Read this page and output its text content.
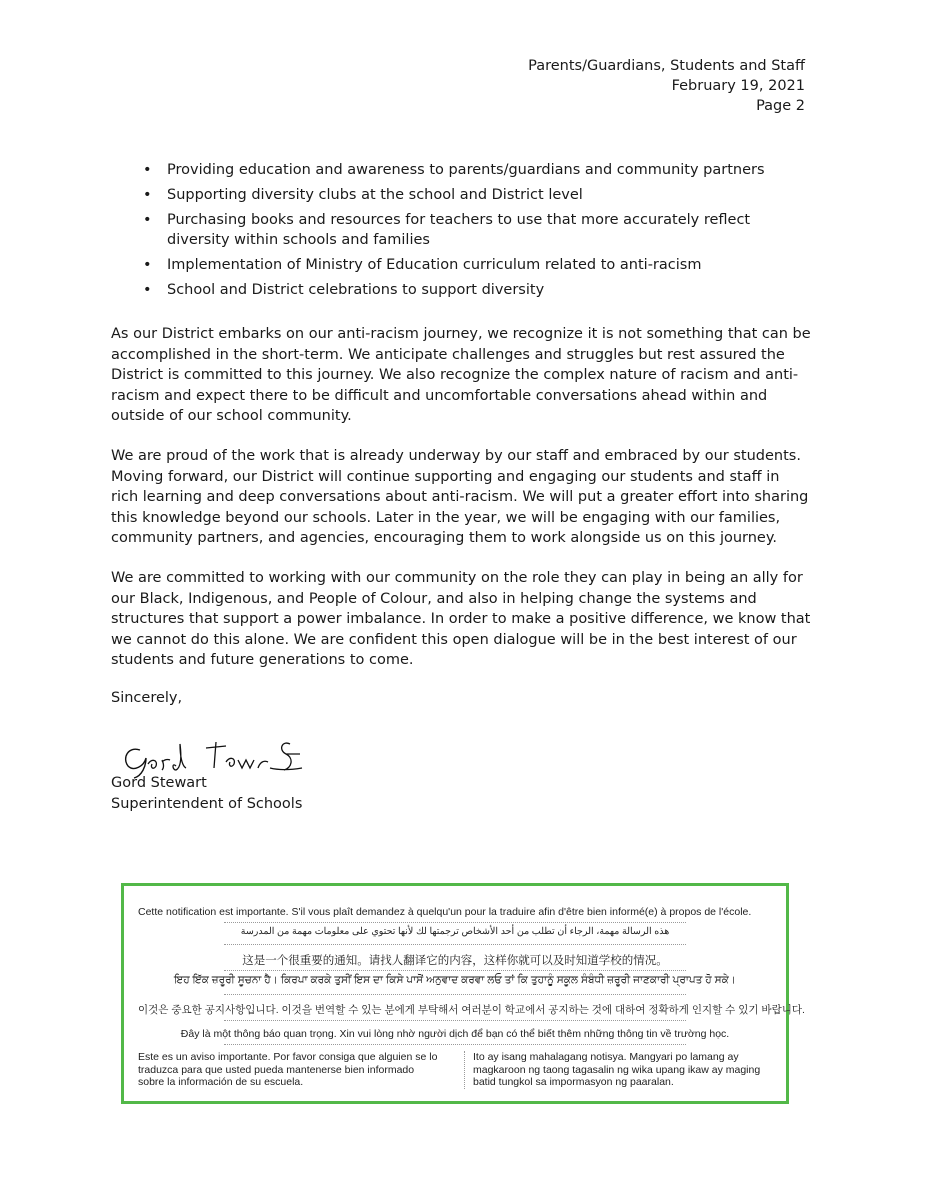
Parents/Guardians, Students and Staff
February 19, 2021
Page 2
• Providing education and awareness to parents/guardians and community partners
• Supporting diversity clubs at the school and District level
• Purchasing books and resources for teachers to use that more accurately reflect diversity within schools and families
• Implementation of Ministry of Education curriculum related to anti-racism
• School and District celebrations to support diversity

As our District embarks on our anti-racism journey, we recognize it is not something that can be accomplished in the short-term. We anticipate challenges and struggles but rest assured the District is committed to this journey. We also recognize the complex nature of racism and anti-racism and expect there to be difficult and uncomfortable conversations ahead within and outside of our school community.

We are proud of the work that is already underway by our staff and embraced by our students. Moving forward, our District will continue supporting and engaging our students and staff in rich learning and deep conversations about anti-racism. We will put a greater effort into sharing this knowledge beyond our schools. Later in the year, we will be engaging with our families, community partners, and agencies, encouraging them to work alongside us on this journey.

We are committed to working with our community on the role they can play in being an ally for our Black, Indigenous, and People of Colour, and also in helping change the systems and structures that support a power imbalance. In order to make a positive difference, we know that we cannot do this alone. We are confident this open dialogue will be in the best interest of our students and future generations to come.

Sincerely,
Gord Stewart
Superintendent of Schools
Cette notification est importante. S'il vous plaît demandez à quelqu'un pour la traduire afin d'être bien informé(e) à propos de l'école.
هذه الرسالة مهمة، الرجاء أن تطلب من أحد الأشخاص ترجمتها لك لأنها تحتوي على معلومات مهمة من المدرسة
这是一个很重要的通知。请找人翻译它的内容，这样你就可以及时知道学校的情况。
ਇਹ ਇੱਕ ਜ਼ਰੂਰੀ ਸੂਚਨਾ ਹੈ। ਕਿਰਪਾ ਕਰਕੇ ਤੁਸੀਂ ਇਸ ਦਾ ਕਿਸੇ ਪਾਸੋਂ ਅਨੁਵਾਦ ਕਰਵਾ ਲਓ ਤਾਂ ਕਿ ਤੁਹਾਨੂੰ ਸਕੂਲ ਸੰਬੰਧੀ ਜ਼ਰੂਰੀ ਜਾਣਕਾਰੀ ਪ੍ਰਾਪਤ ਹੋ ਸਕੇ।
이것은 중요한 공지사항입니다. 이것을 번역할 수 있는 분에게 부탁해서 여러분이 학교에서 공지하는 것에 대하여 정확하게 인지할 수 있기 바랍니다.
Đây là một thông báo quan trọng. Xin vui lòng nhờ người dịch để bạn có thể biết thêm những thông tin về trường học.
Este es un aviso importante. Por favor consiga que alguien se lo traduzca para que usted pueda mantenerse bien informado sobre la información de su escuela.
Ito ay isang mahalagang notisya. Mangyari po lamang ay magkaroon ng taong tagasalin ng wika upang ikaw ay maging batid tungkol sa impormasyon ng paaralan.
